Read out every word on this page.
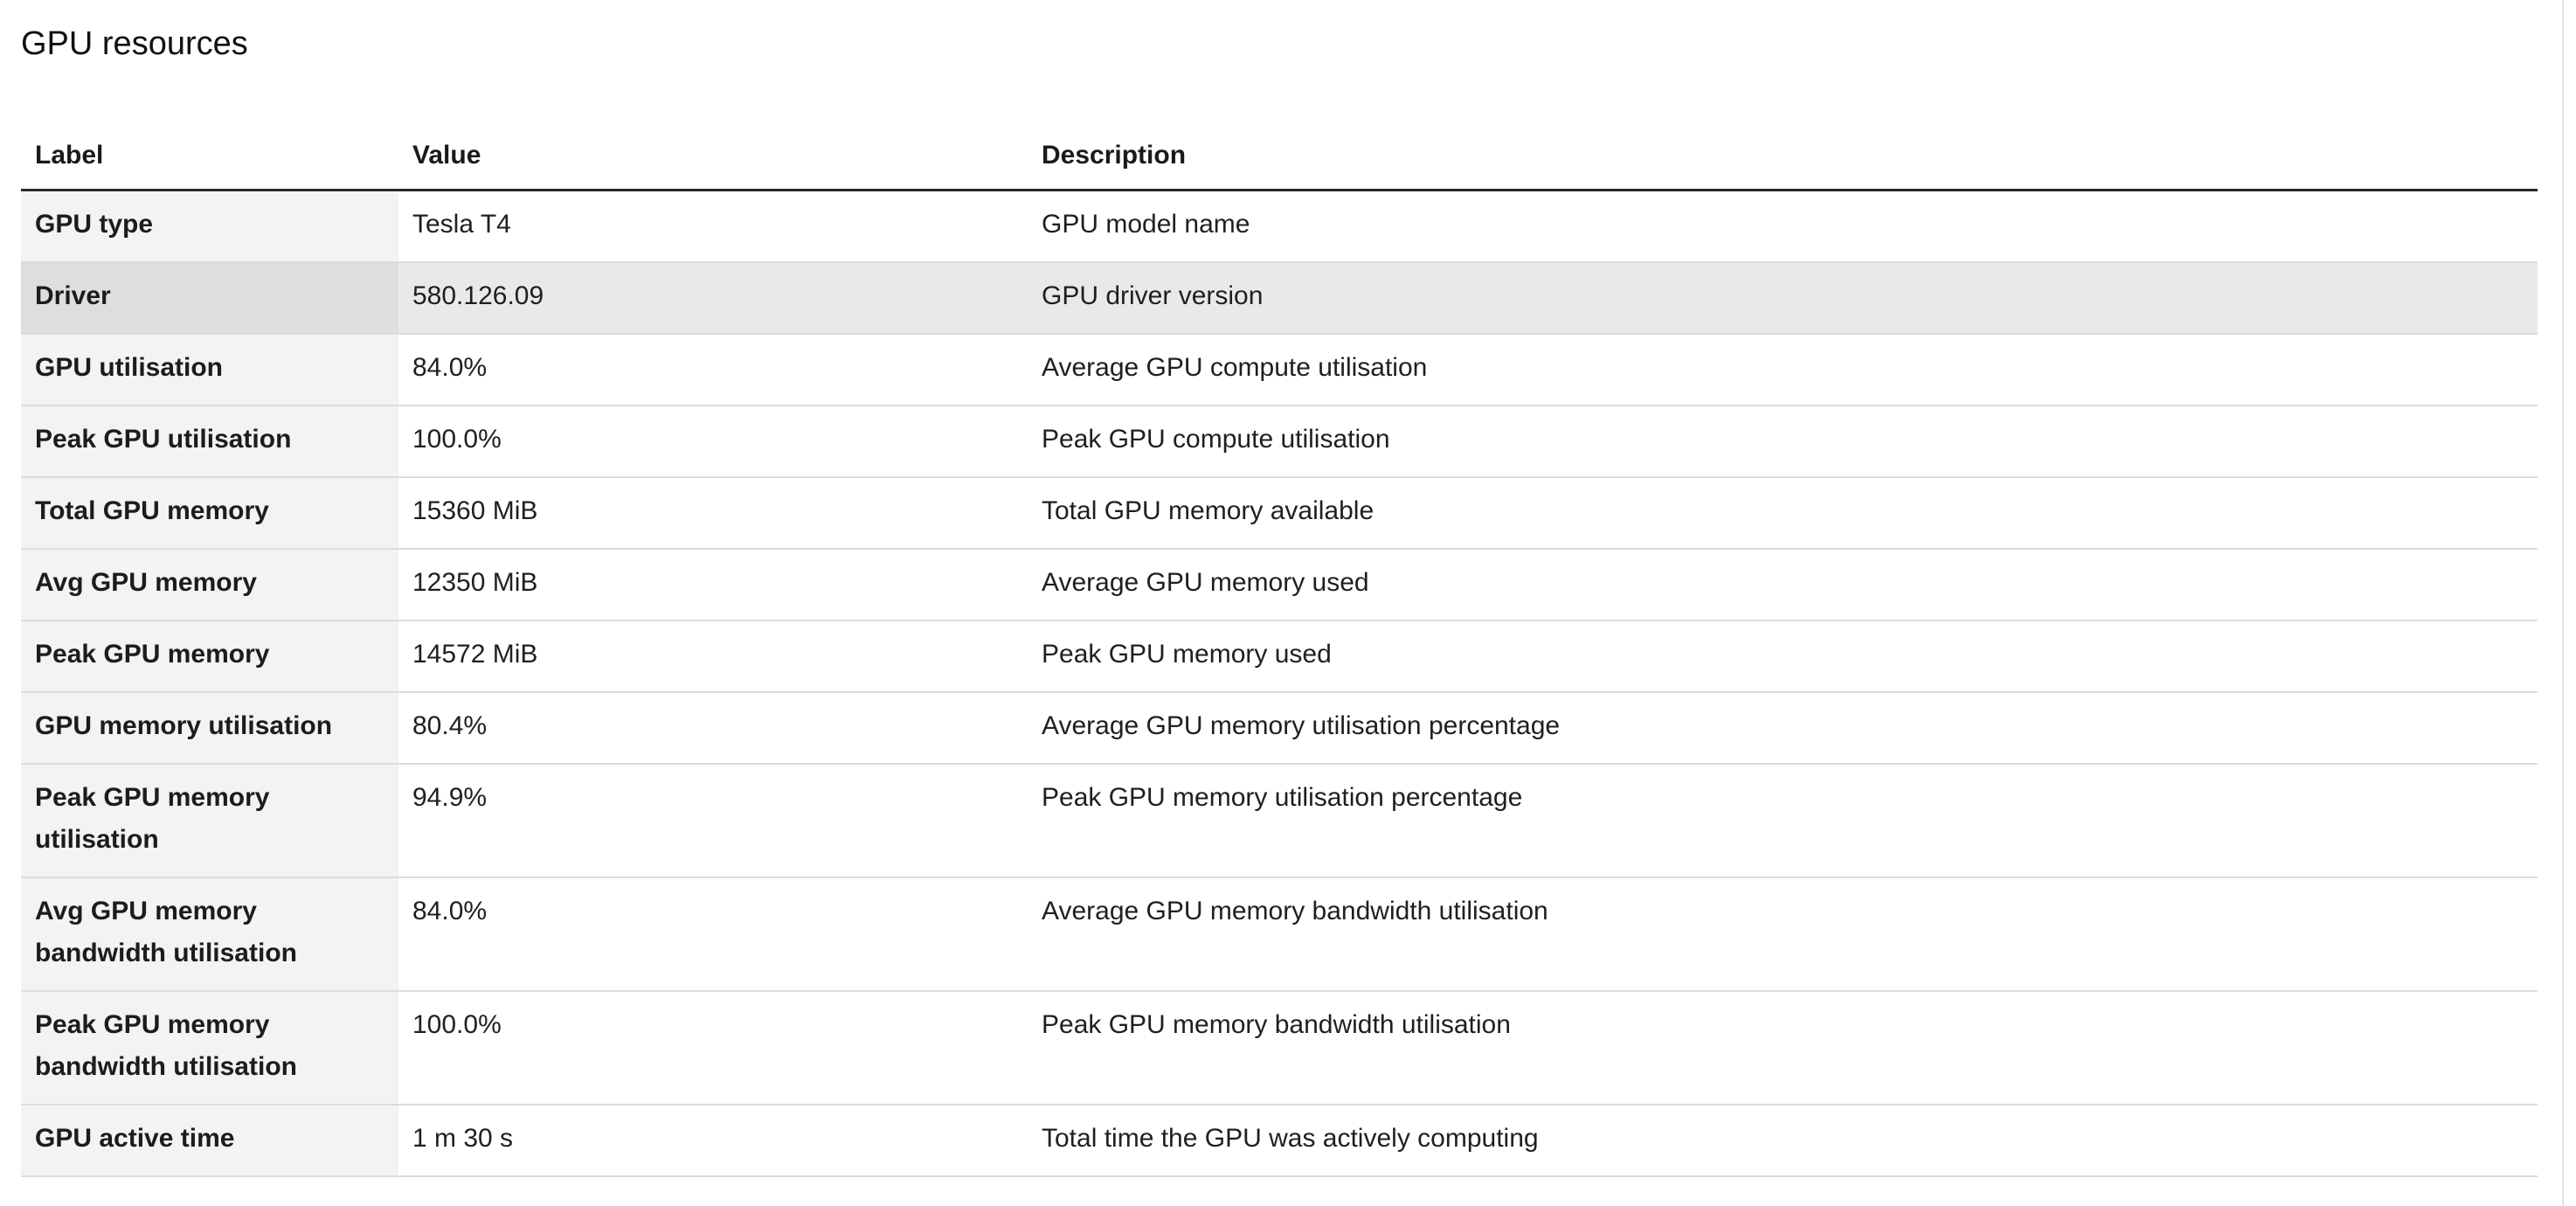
GPU resources
Label	Value	Description
GPU type	Tesla T4	GPU model name
Driver	580.126.09	GPU driver version
GPU utilisation	84.0%	Average GPU compute utilisation
Peak GPU utilisation	100.0%	Peak GPU compute utilisation
Total GPU memory	15360 MiB	Total GPU memory available
Avg GPU memory	12350 MiB	Average GPU memory used
Peak GPU memory	14572 MiB	Peak GPU memory used
GPU memory utilisation	80.4%	Average GPU memory utilisation percentage
Peak GPU memory utilisation	94.9%	Peak GPU memory utilisation percentage
Avg GPU memory bandwidth utilisation	84.0%	Average GPU memory bandwidth utilisation
Peak GPU memory bandwidth utilisation	100.0%	Peak GPU memory bandwidth utilisation
GPU active time	1 m 30 s	Total time the GPU was actively computing
